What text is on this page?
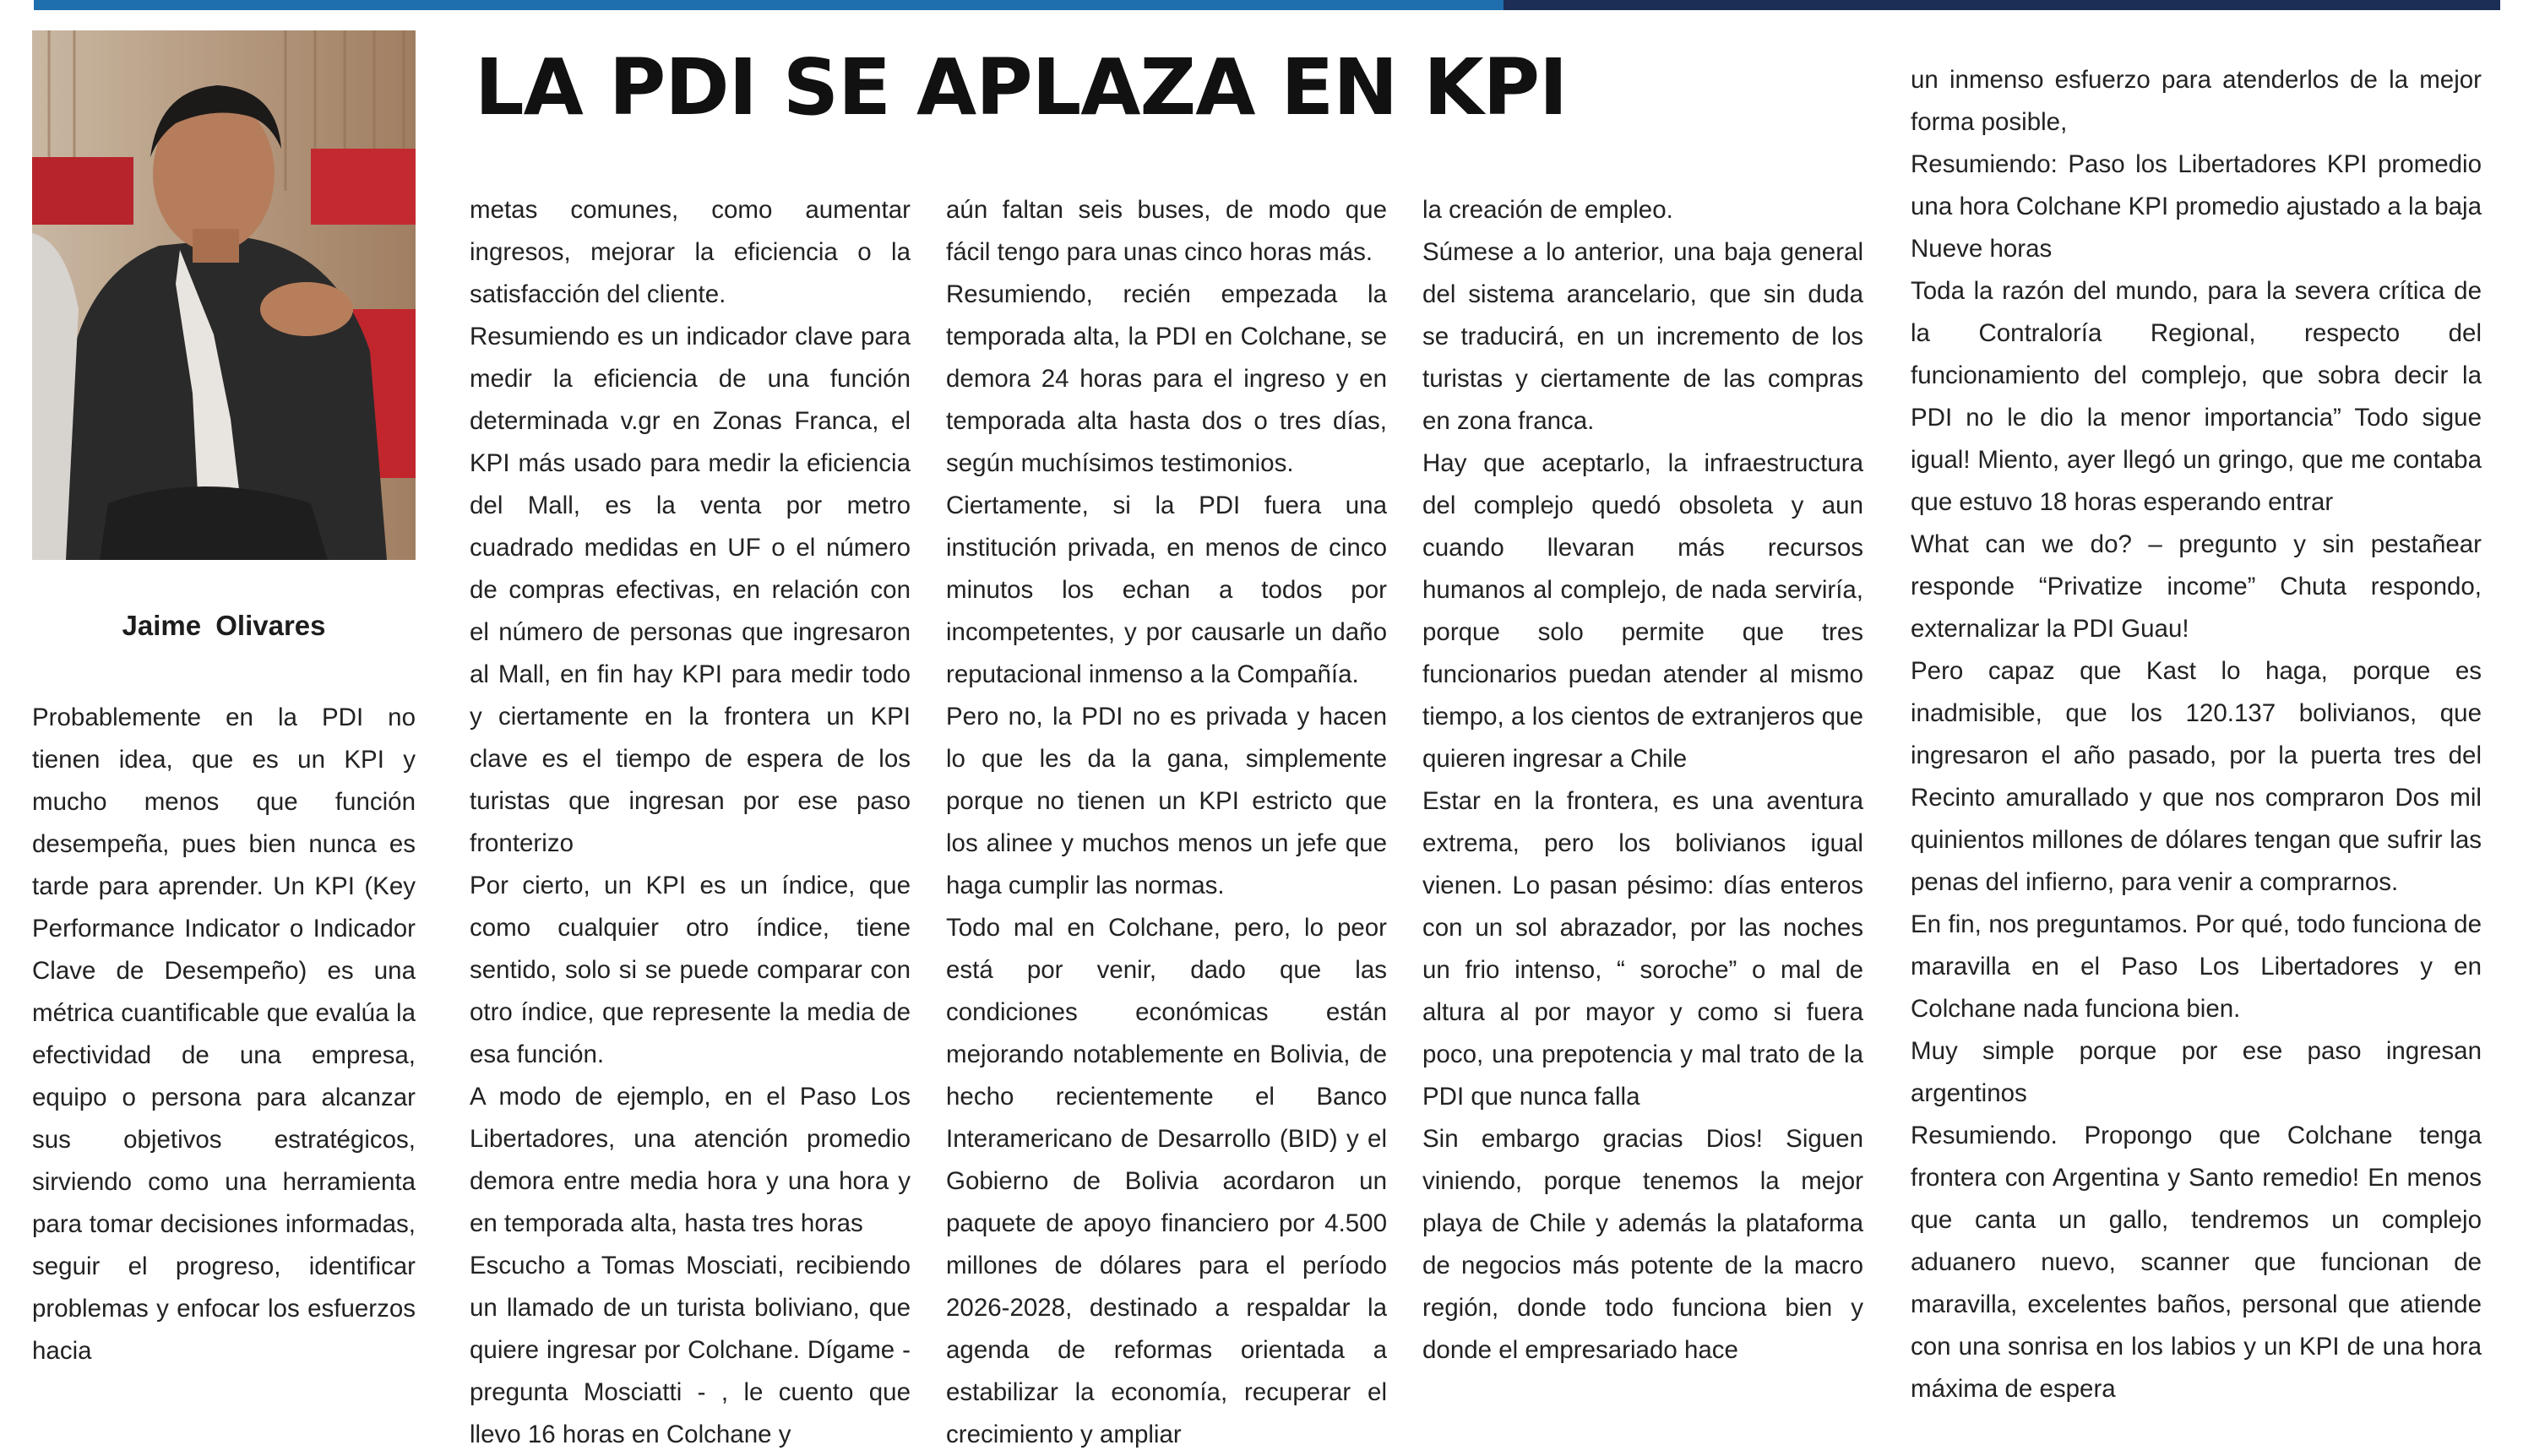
Jaime Olivares
LA PDI SE APLAZA EN KPI

Probablemente en la PDI no tienen idea, que es un KPI y mucho menos que función desempeña, pues bien nunca es tarde para aprender. Un KPI (Key Performance Indicator o Indicador Clave de Desempeño) es una métrica cuantificable que evalúa la efectividad de una empresa, equipo o persona para alcanzar sus objetivos estratégicos, sirviendo como una herramienta para tomar decisiones informadas, seguir el progreso, identificar problemas y enfocar los esfuerzos hacia

metas comunes, como aumentar ingresos, mejorar la eficiencia o la satisfacción del cliente.

Resumiendo es un indicador clave para medir la eficiencia de una función determinada v.gr en Zonas Franca, el KPI más usado para medir la eficiencia del Mall, es la venta por metro cuadrado medidas en UF o el número de compras efectivas, en relación con el número de personas que ingresaron al Mall, en fin hay KPI para medir todo y ciertamente en la frontera un KPI clave es el tiempo de espera de los turistas que ingresan por ese paso fronterizo

Por cierto, un KPI es un índice, que como cualquier otro índice, tiene sentido, solo si se puede comparar con otro índice, que represente la media de esa función.

A modo de ejemplo, en el Paso Los Libertadores, una atención promedio demora entre media hora y una hora y en temporada alta, hasta tres horas

Escucho a Tomas Mosciati, recibiendo un llamado de un turista boliviano, que quiere ingresar por Colchane. Dígame - pregunta Mosciatti - , le cuento que llevo 16 horas en Colchane y

aún faltan seis buses, de modo que fácil tengo para unas cinco horas más.

Resumiendo, recién empezada la temporada alta, la PDI en Colchane, se demora 24 horas para el ingreso y en temporada alta hasta dos o tres días, según muchísimos testimonios.

Ciertamente, si la PDI fuera una institución privada, en menos de cinco minutos los echan a todos por incompetentes, y por causarle un daño reputacional inmenso a la Compañía.

Pero no, la PDI no es privada y hacen lo que les da la gana, simplemente porque no tienen un KPI estricto que los alinee y muchos menos un jefe que haga cumplir las normas.

Todo mal en Colchane, pero, lo peor está por venir, dado que las condiciones económicas están mejorando notablemente en Bolivia, de hecho recientemente el Banco Interamericano de Desarrollo (BID) y el Gobierno de Bolivia acordaron un paquete de apoyo financiero por 4.500 millones de dólares para el período 2026-2028, destinado a respaldar la agenda de reformas orientada a estabilizar la economía, recuperar el crecimiento y ampliar

la creación de empleo.

Súmese a lo anterior, una baja general del sistema arancelario, que sin duda se traducirá, en un incremento de los turistas y ciertamente de las compras en zona franca.

Hay que aceptarlo, la infraestructura del complejo quedó obsoleta y aun cuando llevaran más recursos humanos al complejo, de nada serviría, porque solo permite que tres funcionarios puedan atender al mismo tiempo, a los cientos de extranjeros que quieren ingresar a Chile

Estar en la frontera, es una aventura extrema, pero los bolivianos igual vienen. Lo pasan pésimo: días enteros con un sol abrazador, por las noches un frio intenso, “ soroche” o mal de altura al por mayor y como si fuera poco, una prepotencia y mal trato de la PDI que nunca falla

Sin embargo gracias Dios! Siguen viniendo, porque tenemos la mejor playa de Chile y además la plataforma de negocios más potente de la macro región, donde todo funciona bien y donde el empresariado hace

un inmenso esfuerzo para atenderlos de la mejor forma posible,

Resumiendo: Paso los Libertadores KPI promedio una hora Colchane KPI promedio ajustado a la baja Nueve horas

Toda la razón del mundo, para la severa crítica de la Contraloría Regional, respecto del funcionamiento del complejo, que sobra decir la PDI no le dio la menor importancia” Todo sigue igual! Miento, ayer llegó un gringo, que me contaba que estuvo 18 horas esperando entrar

What can we do? – pregunto y sin pestañear responde “Privatize income” Chuta respondo, externalizar la PDI Guau!

Pero capaz que Kast lo haga, porque es inadmisible, que los 120.137 bolivianos, que ingresaron el año pasado, por la puerta tres del Recinto amurallado y que nos compraron Dos mil quinientos millones de dólares tengan que sufrir las penas del infierno, para venir a comprarnos.

En fin, nos preguntamos. Por qué, todo funciona de maravilla en el Paso Los Libertadores y en Colchane nada funciona bien.

Muy simple porque por ese paso ingresan argentinos

Resumiendo. Propongo que Colchane tenga frontera con Argentina y Santo remedio! En menos que canta un gallo, tendremos un complejo aduanero nuevo, scanner que funcionan de maravilla, excelentes baños, personal que atiende con una sonrisa en los labios y un KPI de una hora máxima de espera
